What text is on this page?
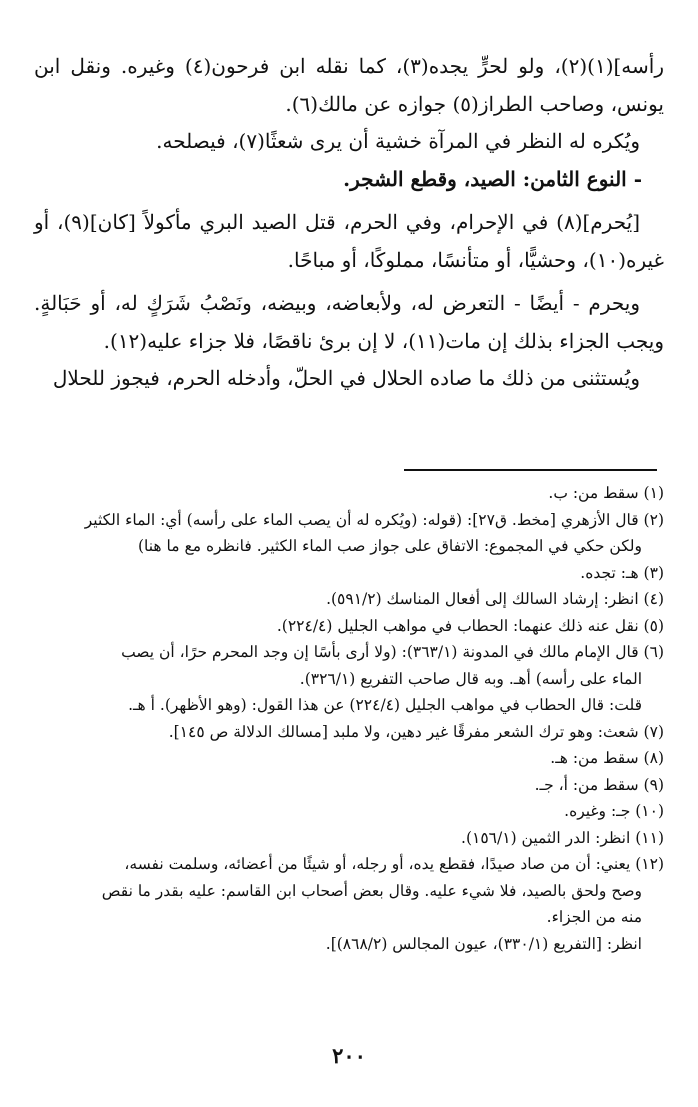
رأسه](١)(٢)، ولو لحرٍّ يجده(٣)، كما نقله ابن فرحون(٤) وغيره. ونقل ابن يونس، وصاحب الطراز(٥) جوازه عن مالك(٦).

ويُكره له النظر في المرآة خشية أن يرى شعثًا(٧)، فيصلحه.

- النوع الثامن: الصيد، وقطع الشجر.

[يُحرم](٨) في الإحرام، وفي الحرم، قتل الصيد البري مأكولاً [كان](٩)، أو غيره(١٠)، وحشيًّا، أو متأنسًا، مملوكًا، أو مباحًا.

ويحرم - أيضًا - التعرض له، ولأبعاضه، وبيضه، ونَصْبُ شَرَكٍ له، أو حَبَالةٍ. ويجب الجزاء بذلك إن مات(١١)، لا إن برئ ناقصًا، فلا جزاء عليه(١٢).

ويُستثنى من ذلك ما صاده الحلال في الحلّ، وأدخله الحرم، فيجوز للحلال

(١) سقط من: ب.

(٢) قال الأزهري [مخط. ق٢٧]: (قوله: (ويُكره له أن يصب الماء على رأسه) أي: الماء الكثير

ولكن حكي في المجموع: الاتفاق على جواز صب الماء الكثير. فانظره مع ما هنا)

(٣) هـ: تجده.

(٤) انظر: إرشاد السالك إلى أفعال المناسك (٥٩١/٢).

(٥) نقل عنه ذلك عنهما: الحطاب في مواهب الجليل (٢٢٤/٤).

(٦) قال الإمام مالك في المدونة (٣٦٣/١): (ولا أرى بأسًا إن وجد المحرم حرًا، أن يصب

الماء على رأسه) أهـ. وبه قال صاحب التفريع (٣٢٦/١).

قلت: قال الحطاب في مواهب الجليل (٢٢٤/٤) عن هذا القول: (وهو الأظهر). أ هـ.

(٧) شعث: وهو ترك الشعر مفرقًا غير دهين، ولا ملبد [مسالك الدلالة ص ١٤٥].

(٨) سقط من: هـ.

(٩) سقط من: أ، جـ.

(١٠) جـ: وغيره.

(١١) انظر: الدر الثمين (١٥٦/١).

(١٢) يعني: أن من صاد صيدًا، فقطع يده، أو رجله، أو شيئًا من أعضائه، وسلمت نفسه،

وصح ولحق بالصيد، فلا شيء عليه. وقال بعض أصحاب ابن القاسم: عليه بقدر ما نقص

منه من الجزاء.

انظر: [التفريع (٣٣٠/١)، عيون المجالس (٨٦٨/٢)].

٢٠٠
